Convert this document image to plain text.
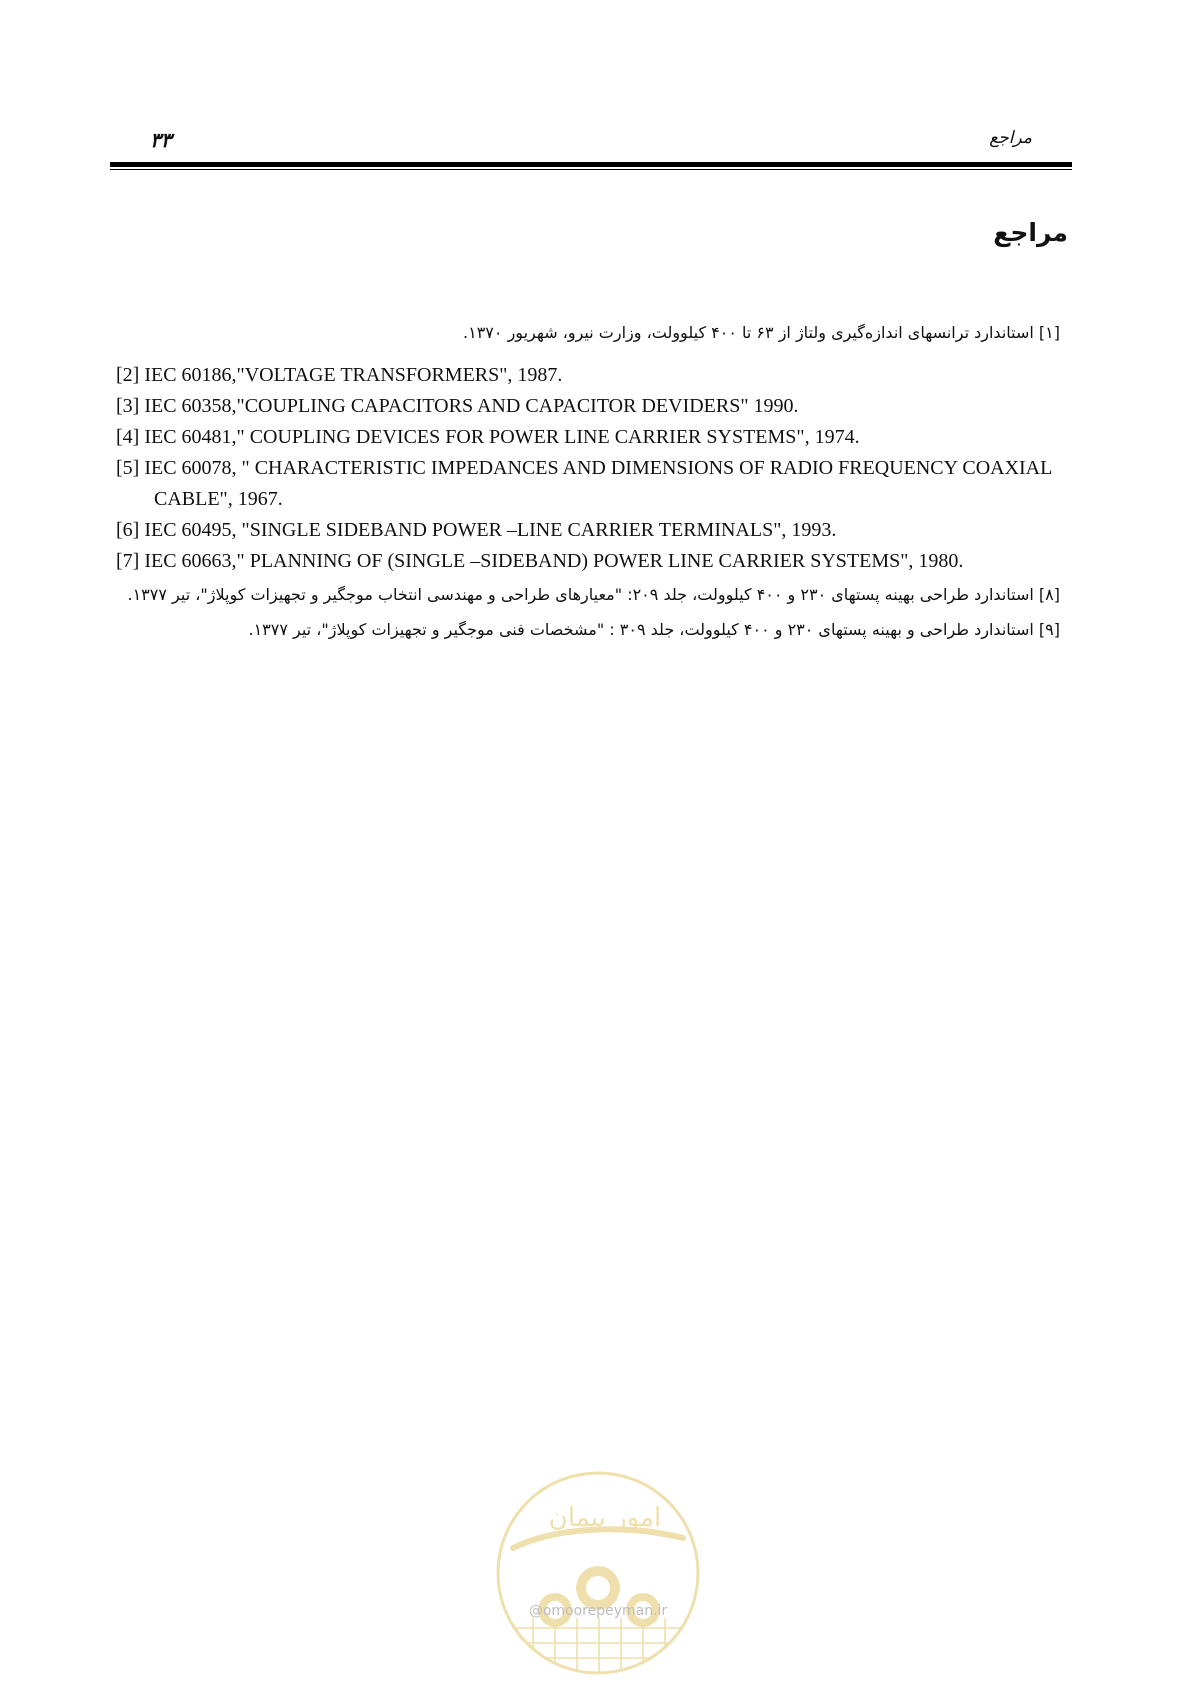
۳۳	مراجع
مراجع
[۱] استاندارد ترانسهای اندازه‌گیری ولتاژ از ۶۳ تا ۴۰۰ کیلوولت، وزارت نیرو، شهریور ۱۳۷۰.
[2] IEC 60186,"VOLTAGE TRANSFORMERS", 1987.
[3] IEC 60358,"COUPLING CAPACITORS AND CAPACITOR DEVIDERS" 1990.
[4] IEC 60481," COUPLING DEVICES FOR POWER LINE CARRIER SYSTEMS", 1974.
[5] IEC 60078, " CHARACTERISTIC IMPEDANCES AND DIMENSIONS OF RADIO FREQUENCY COAXIAL CABLE", 1967.
[6] IEC 60495, "SINGLE SIDEBAND POWER –LINE CARRIER TERMINALS", 1993.
[7] IEC 60663," PLANNING OF (SINGLE –SIDEBAND) POWER LINE CARRIER SYSTEMS", 1980.
[۸] استاندارد طراحی بهینه پستهای ۲۳۰ و ۴۰۰ کیلوولت، جلد ۲۰۹: "معیارهای طراحی و مهندسی انتخاب موجگیر و تجهیزات کوپلاژ"، تیر ۱۳۷۷.
[۹] استاندارد طراحی و بهینه پستهای ۲۳۰ و ۴۰۰ کیلوولت، جلد ۳۰۹ : "مشخصات فنی موجگیر و تجهیزات کوپلاژ"، تیر ۱۳۷۷.
امور پیمان
@omoorepeyman.ir
